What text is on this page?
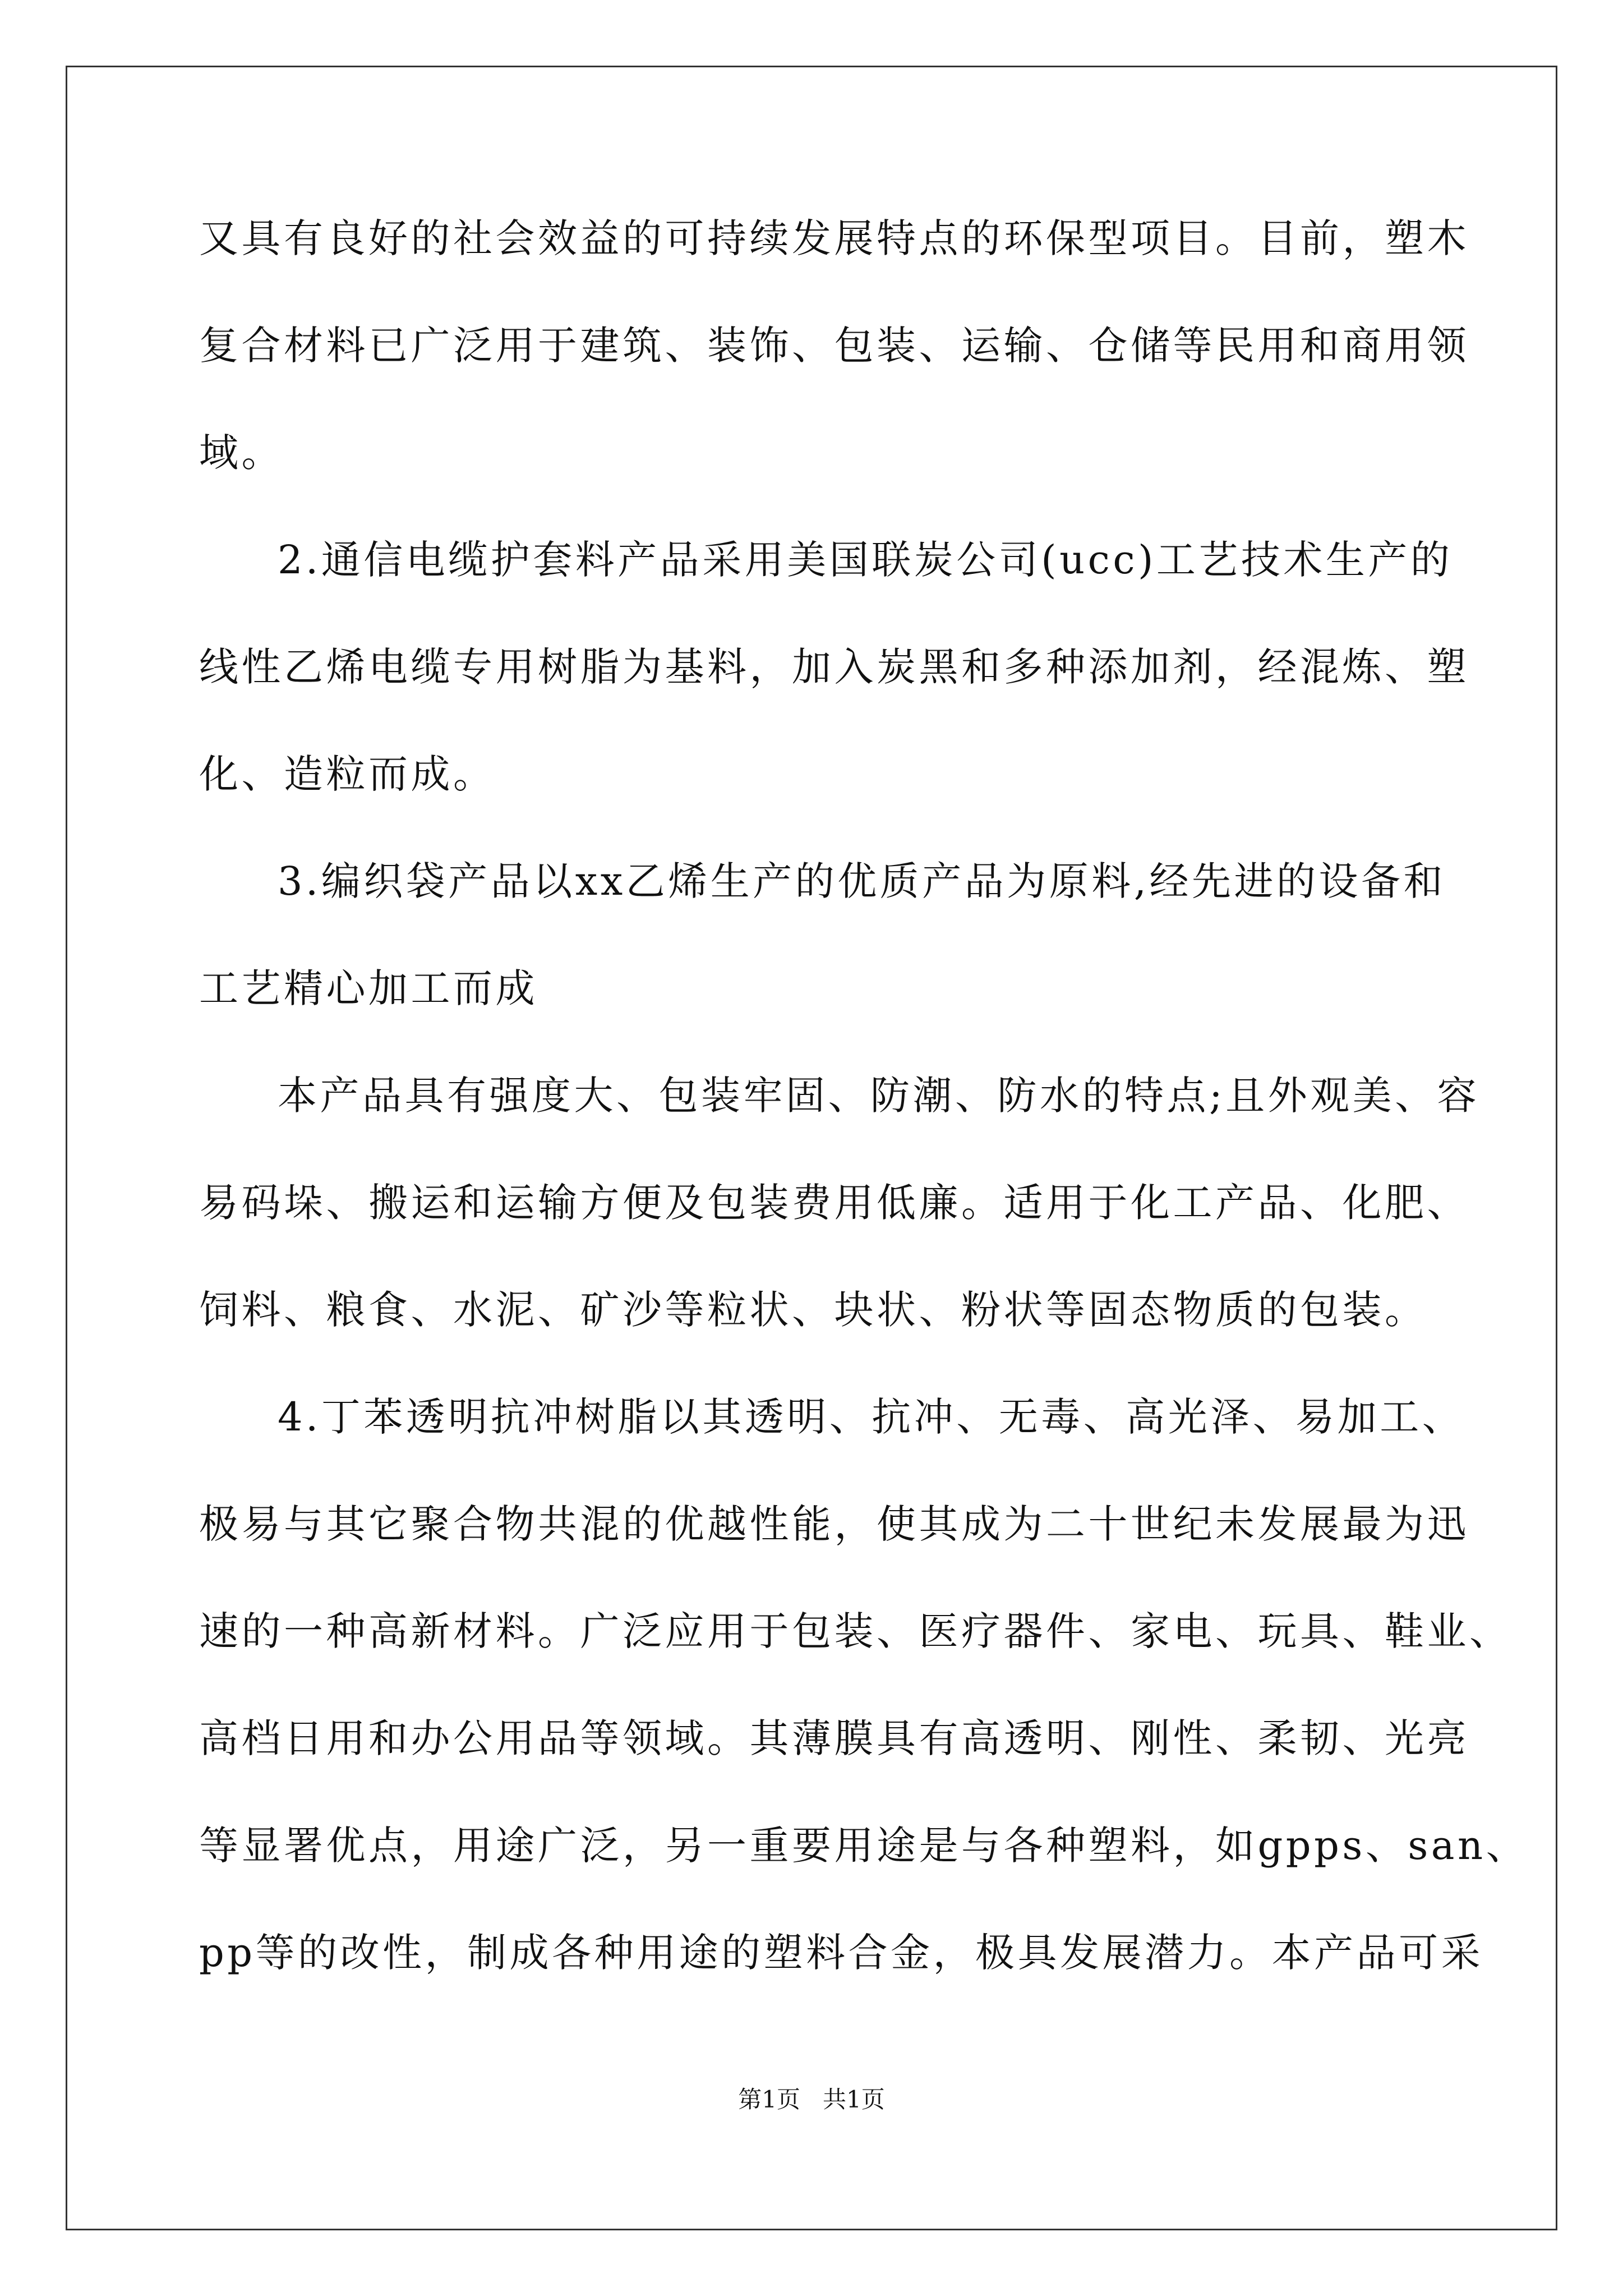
又具有良好的社会效益的可持续发展特点的环保型项目。目前，塑木
复合材料已广泛用于建筑、装饰、包装、运输、仓储等民用和商用领
域。
2.通信电缆护套料产品采用美国联炭公司(ucc)工艺技术生产的
线性乙烯电缆专用树脂为基料，加入炭黑和多种添加剂，经混炼、塑
化、造粒而成。
3.编织袋产品以xx乙烯生产的优质产品为原料,经先进的设备和
工艺精心加工而成
本产品具有强度大、包装牢固、防潮、防水的特点;且外观美、容
易码垛、搬运和运输方便及包装费用低廉。适用于化工产品、化肥、
饲料、粮食、水泥、矿沙等粒状、块状、粉状等固态物质的包装。
4.丁苯透明抗冲树脂以其透明、抗冲、无毒、高光泽、易加工、
极易与其它聚合物共混的优越性能，使其成为二十世纪未发展最为迅
速的一种高新材料。广泛应用于包装、医疗器件、家电、玩具、鞋业、
高档日用和办公用品等领域。其薄膜具有高透明、刚性、柔韧、光亮
等显署优点，用途广泛，另一重要用途是与各种塑料，如gpps、san、
pp等的改性，制成各种用途的塑料合金，极具发展潜力。本产品可采
第1页   共1页
